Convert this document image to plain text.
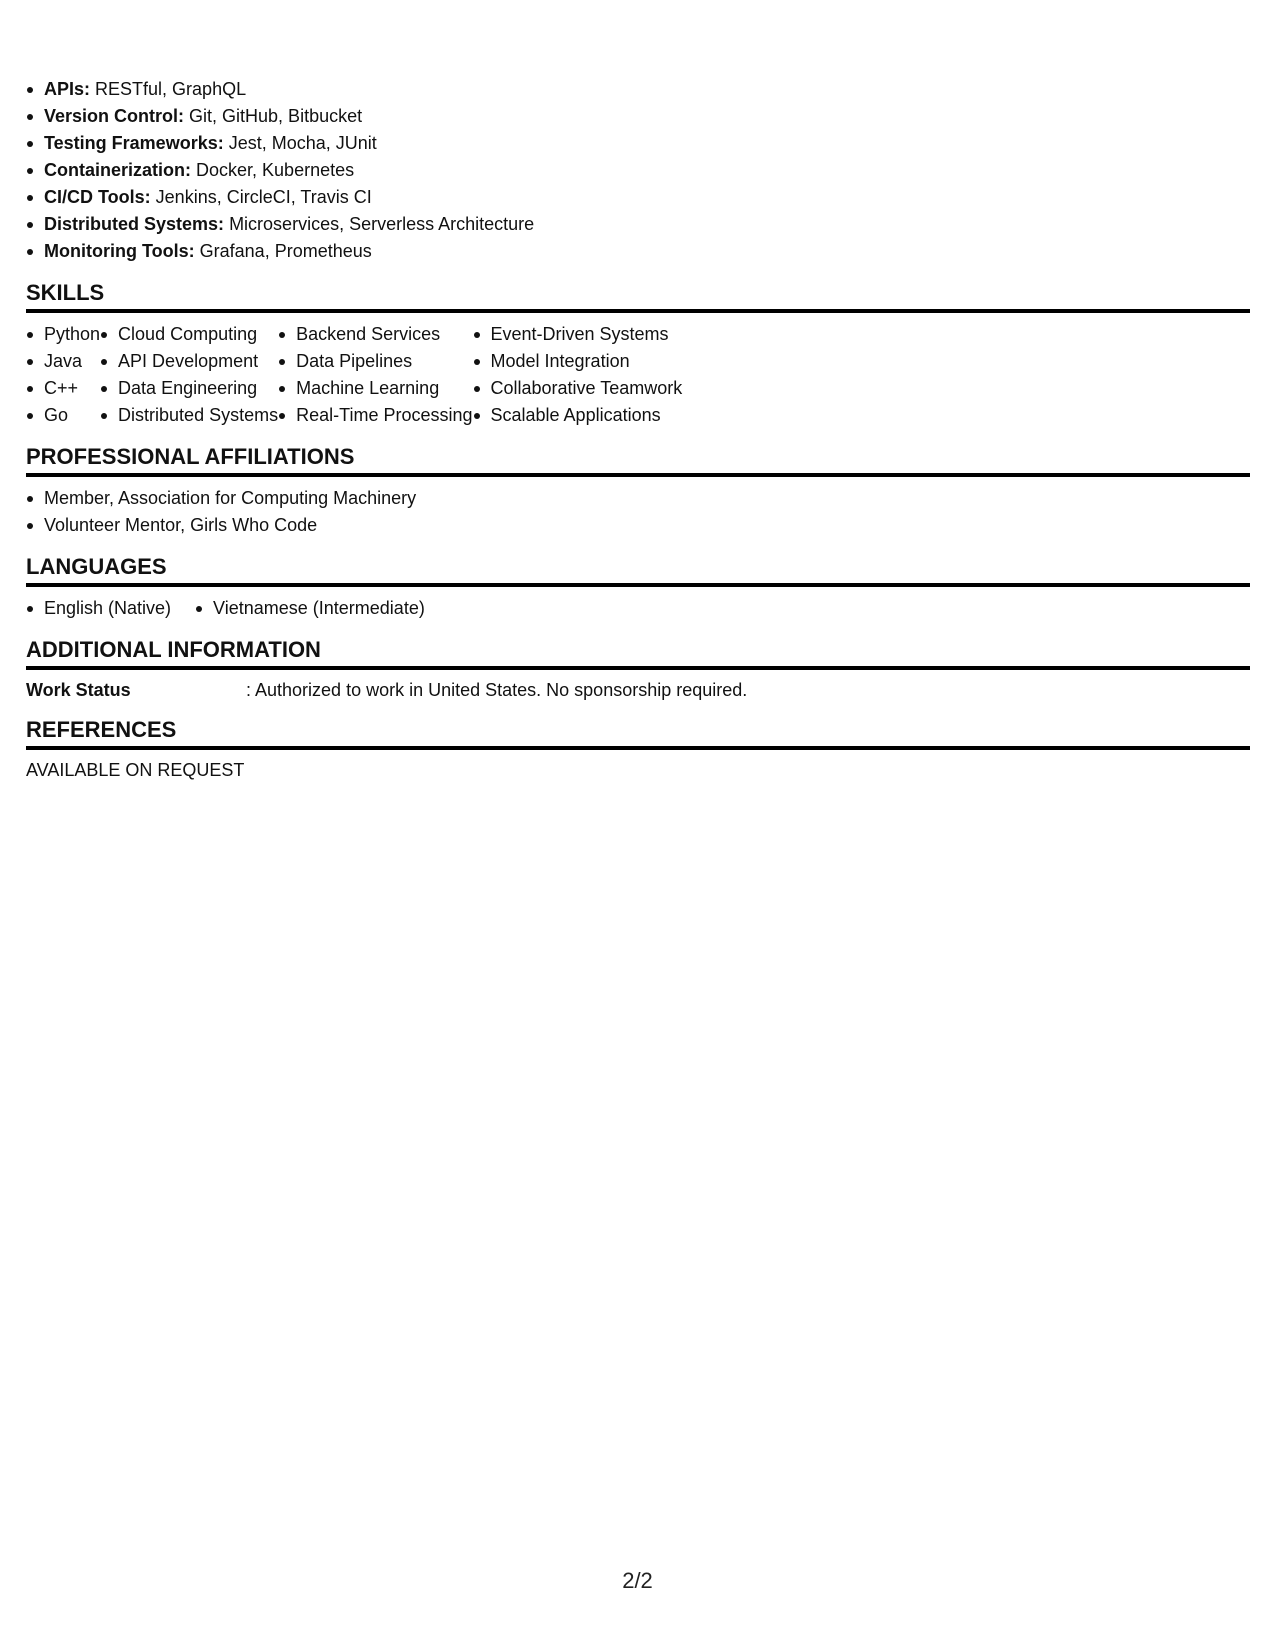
APIs: RESTful, GraphQL
Version Control: Git, GitHub, Bitbucket
Testing Frameworks: Jest, Mocha, JUnit
Containerization: Docker, Kubernetes
CI/CD Tools: Jenkins, CircleCI, Travis CI
Distributed Systems: Microservices, Serverless Architecture
Monitoring Tools: Grafana, Prometheus
SKILLS
Python
Java
C++
Go
Cloud Computing
API Development
Data Engineering
Distributed Systems
Backend Services
Data Pipelines
Machine Learning
Real-Time Processing
Event-Driven Systems
Model Integration
Collaborative Teamwork
Scalable Applications
PROFESSIONAL AFFILIATIONS
Member, Association for Computing Machinery
Volunteer Mentor, Girls Who Code
LANGUAGES
English (Native)	Vietnamese (Intermediate)
ADDITIONAL INFORMATION
Work Status	: Authorized to work in United States. No sponsorship required.
REFERENCES
AVAILABLE ON REQUEST
2/2
